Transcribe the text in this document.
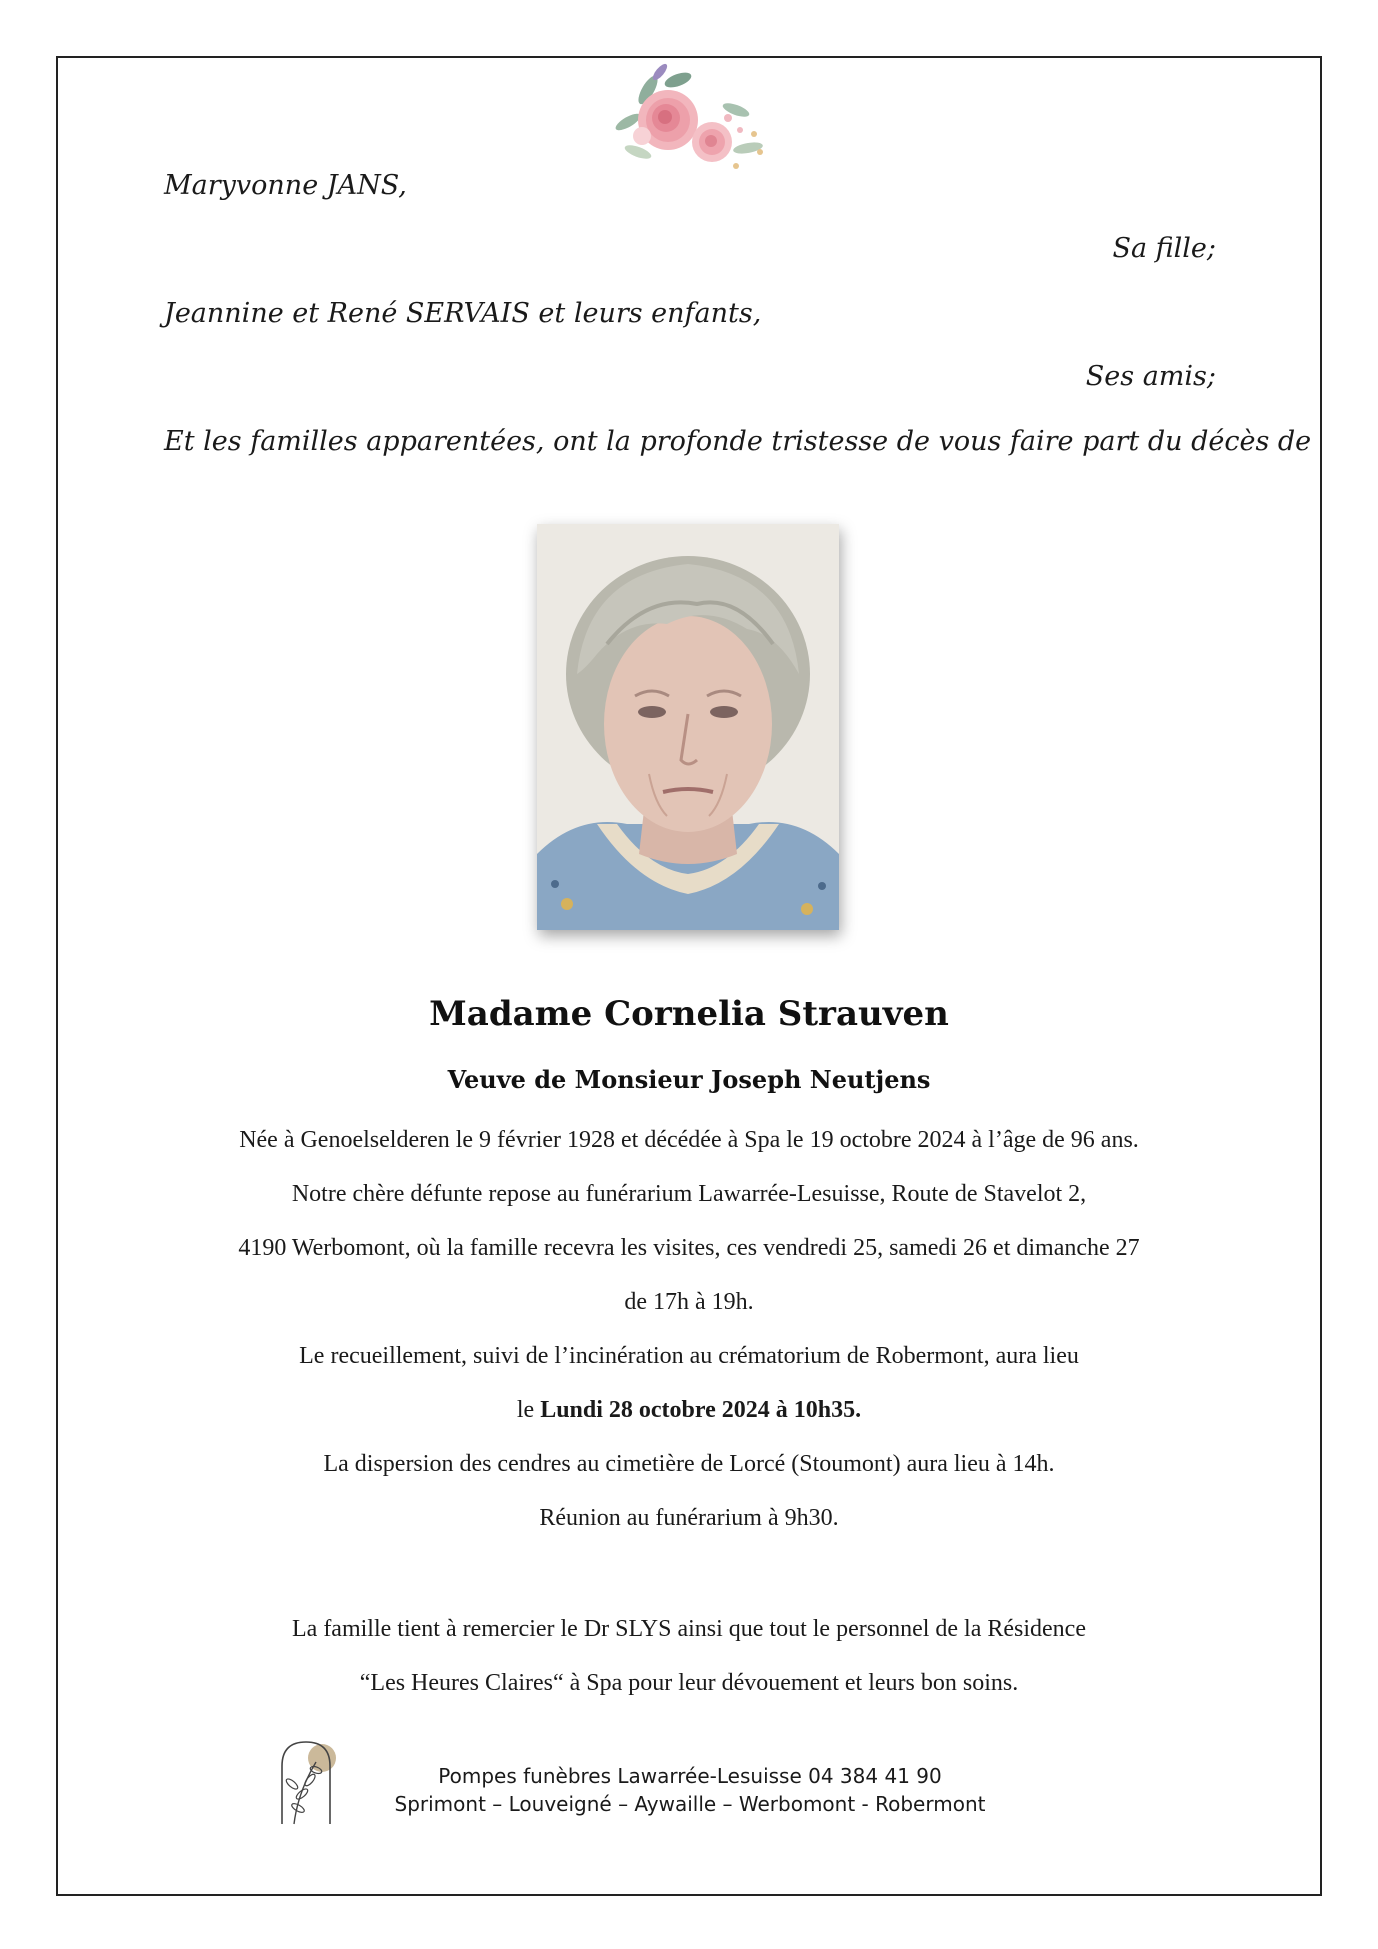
Maryvonne JANS,
Sa fille;
Jeannine et René SERVAIS et leurs enfants,
Ses amis;
Et les familles apparentées, ont la profonde tristesse de vous faire part du décès de
Madame Cornelia Strauven
Veuve de Monsieur Joseph Neutjens
Née à Genoelselderen le 9 février 1928 et décédée à Spa le 19 octobre 2024 à l’âge de 96 ans.
Notre chère défunte repose au funérarium Lawarrée-Lesuisse, Route de Stavelot 2,
4190 Werbomont, où la famille recevra les visites, ces vendredi 25, samedi 26 et dimanche 27
de 17h à 19h.
Le recueillement, suivi de l’incinération au crématorium de Robermont, aura lieu
le Lundi 28 octobre 2024 à 10h35.
La dispersion des cendres au cimetière de Lorcé (Stoumont) aura lieu à 14h.
Réunion au funérarium à 9h30.
La famille tient à remercier le Dr SLYS ainsi que tout le personnel de la Résidence
“Les Heures Claires“ à Spa pour leur dévouement et leurs bon soins.
Pompes funèbres Lawarrée-Lesuisse 04 384 41 90
Sprimont – Louveigné – Aywaille – Werbomont - Robermont
